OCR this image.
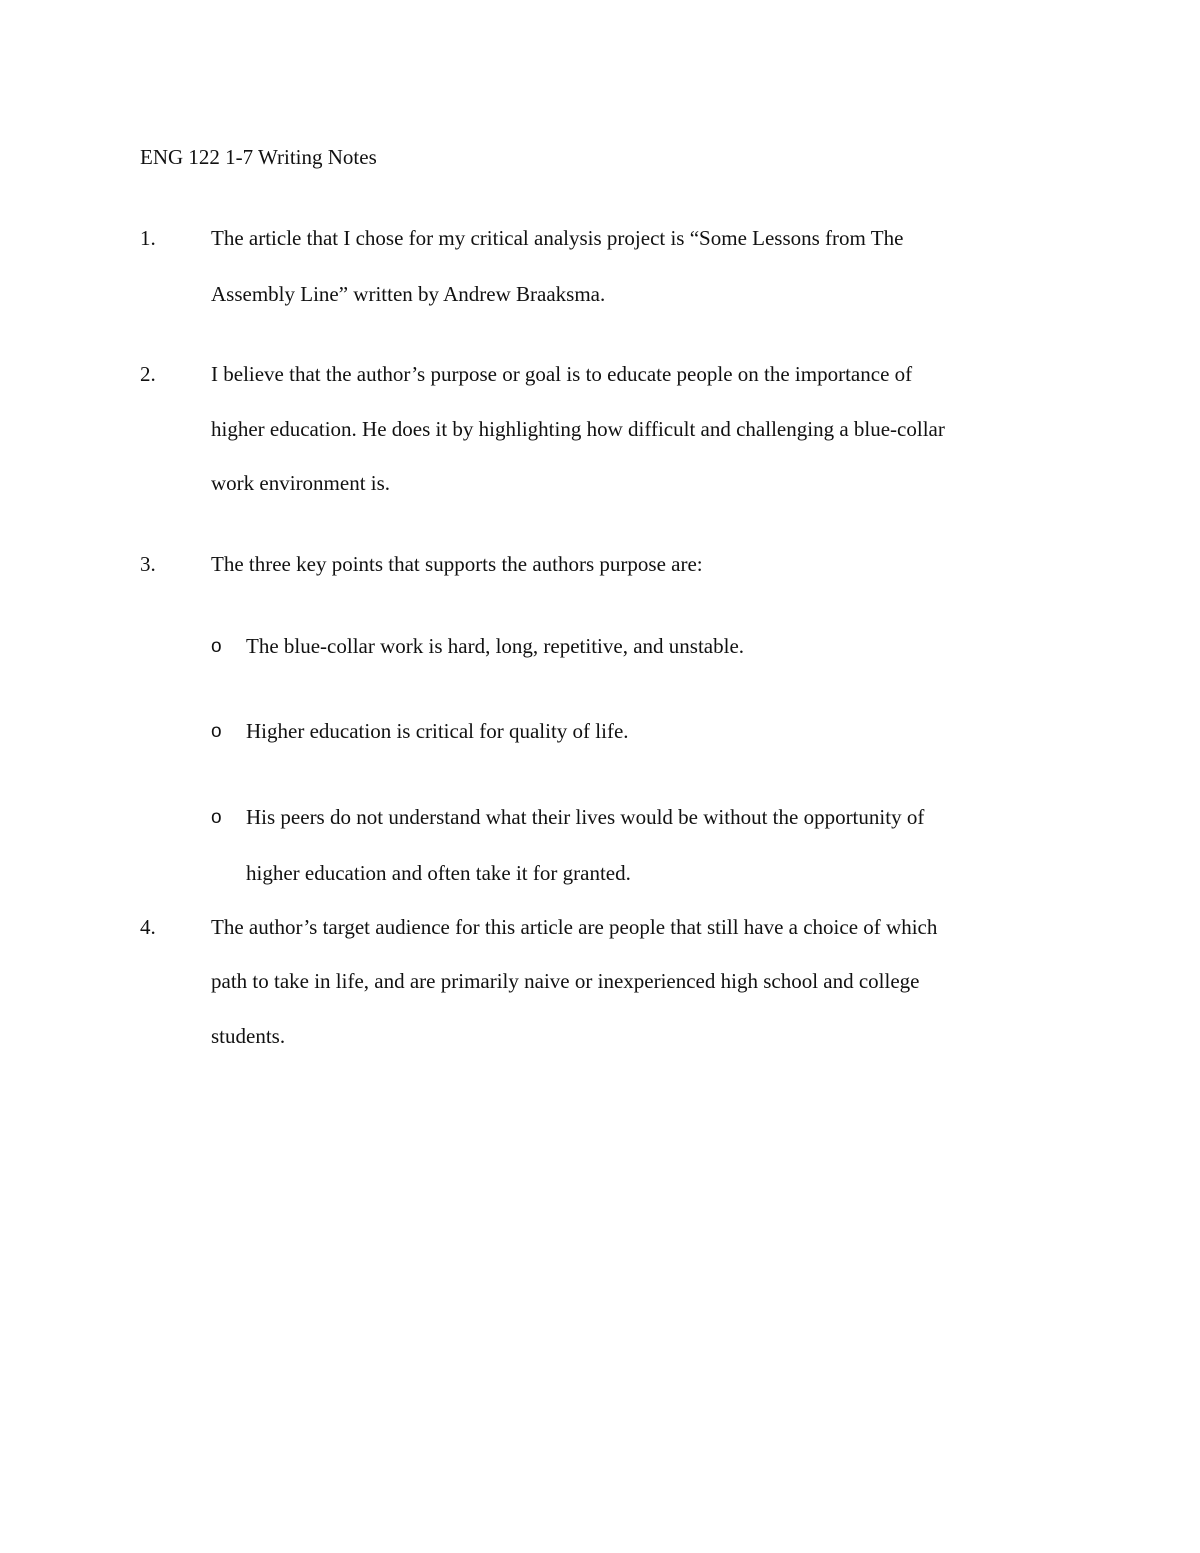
ENG 122 1-7 Writing Notes
1.	The article that I chose for my critical analysis project is “Some Lessons from The
Assembly Line” written by Andrew Braaksma.
2.	I believe that the author’s purpose or goal is to educate people on the importance of
higher education. He does it by highlighting how difficult and challenging a blue-collar
work environment is.
3.	The three key points that supports the authors purpose are:
o The blue-collar work is hard, long, repetitive, and unstable.
o Higher education is critical for quality of life.
o His peers do not understand what their lives would be without the opportunity of
higher education and often take it for granted.
4.	The author’s target audience for this article are people that still have a choice of which
path to take in life, and are primarily naive or inexperienced high school and college
students.
